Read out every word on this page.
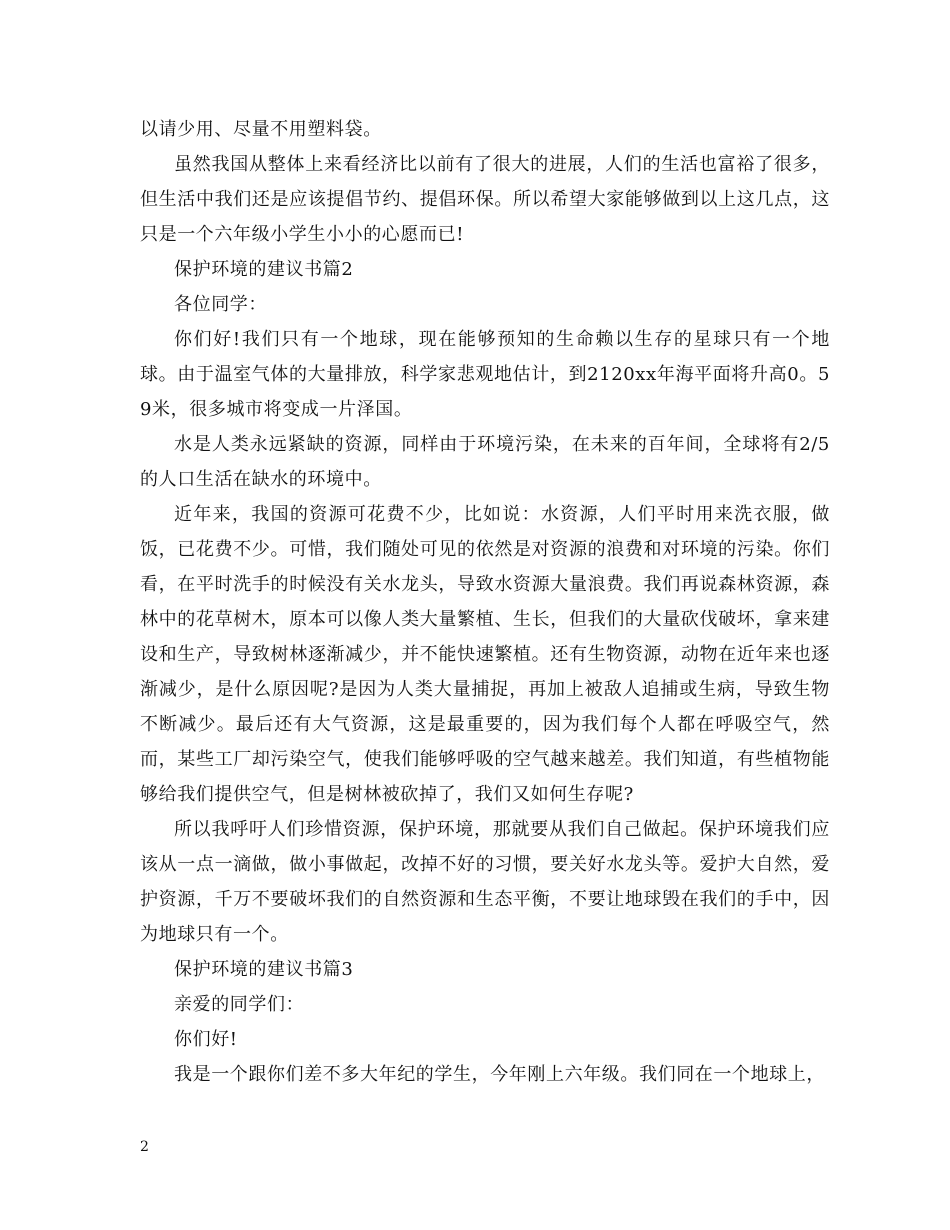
以请少用、尽量不用塑料袋。

虽然我国从整体上来看经济比以前有了很大的进展，人们的生活也富裕了很多，但生活中我们还是应该提倡节约、提倡环保。所以希望大家能够做到以上这几点，这只是一个六年级小学生小小的心愿而已!

保护环境的建议书篇2

各位同学：

你们好!我们只有一个地球，现在能够预知的生命赖以生存的星球只有一个地球。由于温室气体的大量排放，科学家悲观地估计，到2120xx年海平面将升高0。59米，很多城市将变成一片泽国。

水是人类永远紧缺的资源，同样由于环境污染，在未来的百年间，全球将有2/5的人口生活在缺水的环境中。

近年来，我国的资源可花费不少，比如说：水资源，人们平时用来洗衣服，做饭，已花费不少。可惜，我们随处可见的依然是对资源的浪费和对环境的污染。你们看，在平时洗手的时候没有关水龙头，导致水资源大量浪费。我们再说森林资源，森林中的花草树木，原本可以像人类大量繁植、生长，但我们的大量砍伐破坏，拿来建设和生产，导致树林逐渐减少，并不能快速繁植。还有生物资源，动物在近年来也逐渐减少，是什么原因呢?是因为人类大量捕捉，再加上被敌人追捕或生病，导致生物不断减少。最后还有大气资源，这是最重要的，因为我们每个人都在呼吸空气，然而，某些工厂却污染空气，使我们能够呼吸的空气越来越差。我们知道，有些植物能够给我们提供空气，但是树林被砍掉了，我们又如何生存呢?

所以我呼吁人们珍惜资源，保护环境，那就要从我们自己做起。保护环境我们应该从一点一滴做，做小事做起，改掉不好的习惯，要关好水龙头等。爱护大自然，爱护资源，千万不要破坏我们的自然资源和生态平衡，不要让地球毁在我们的手中，因为地球只有一个。

保护环境的建议书篇3

亲爱的同学们：

你们好!

我是一个跟你们差不多大年纪的学生，今年刚上六年级。我们同在一个地球上，

2
